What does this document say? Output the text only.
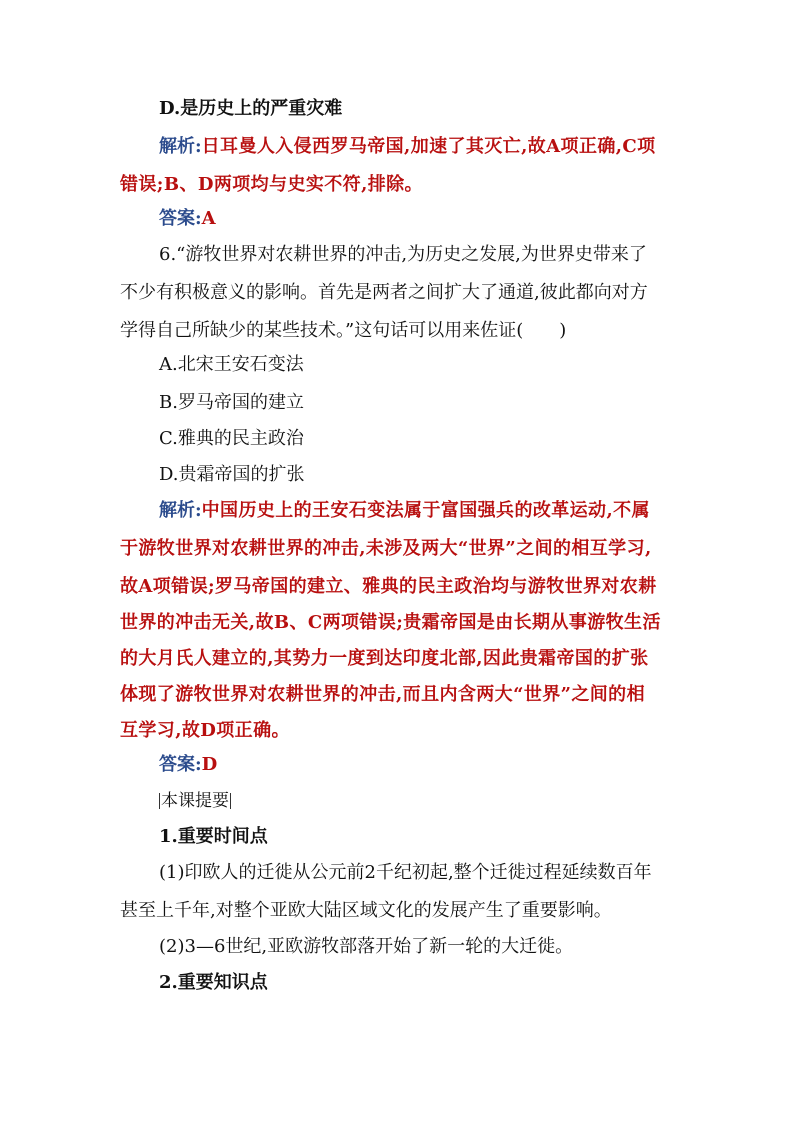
D.是历史上的严重灾难
解析:日耳曼人入侵西罗马帝国,加速了其灭亡,故A项正确,C项
错误;B、D两项均与史实不符,排除。
答案:A
6.“游牧世界对农耕世界的冲击,为历史之发展,为世界史带来了
不少有积极意义的影响。首先是两者之间扩大了通道,彼此都向对方
学得自己所缺少的某些技术。”这句话可以用来佐证(　　)
A.北宋王安石变法
B.罗马帝国的建立
C.雅典的民主政治
D.贵霜帝国的扩张
解析:中国历史上的王安石变法属于富国强兵的改革运动,不属
于游牧世界对农耕世界的冲击,未涉及两大“世界”之间的相互学习,
故A项错误;罗马帝国的建立、雅典的民主政治均与游牧世界对农耕
世界的冲击无关,故B、C两项错误;贵霜帝国是由长期从事游牧生活
的大月氏人建立的,其势力一度到达印度北部,因此贵霜帝国的扩张
体现了游牧世界对农耕世界的冲击,而且内含两大“世界”之间的相
互学习,故D项正确。
答案:D
本课提要
1.重要时间点
(1)印欧人的迁徙从公元前2千纪初起,整个迁徙过程延续数百年
甚至上千年,对整个亚欧大陆区域文化的发展产生了重要影响。
(2)3—6世纪,亚欧游牧部落开始了新一轮的大迁徙。
2.重要知识点
